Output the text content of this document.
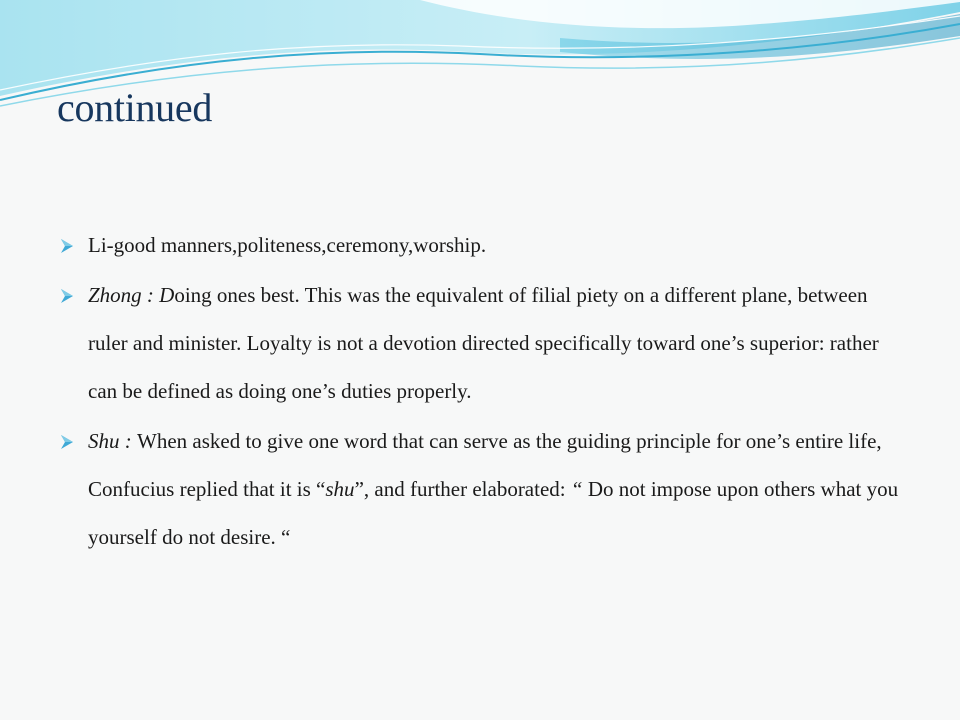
continued
Li-good manners,politeness,ceremony,worship.
Zhong : Doing ones best. This was the equivalent of filial piety on a different plane, between ruler and minister. Loyalty is not a devotion directed specifically toward one’s superior: rather can be defined as doing one’s duties properly.
Shu : When asked to give one word that can serve as the guiding principle for one’s entire life, Confucius replied that it is “shu”, and further elaborated: “ Do not impose upon others what you yourself do not desire. “
